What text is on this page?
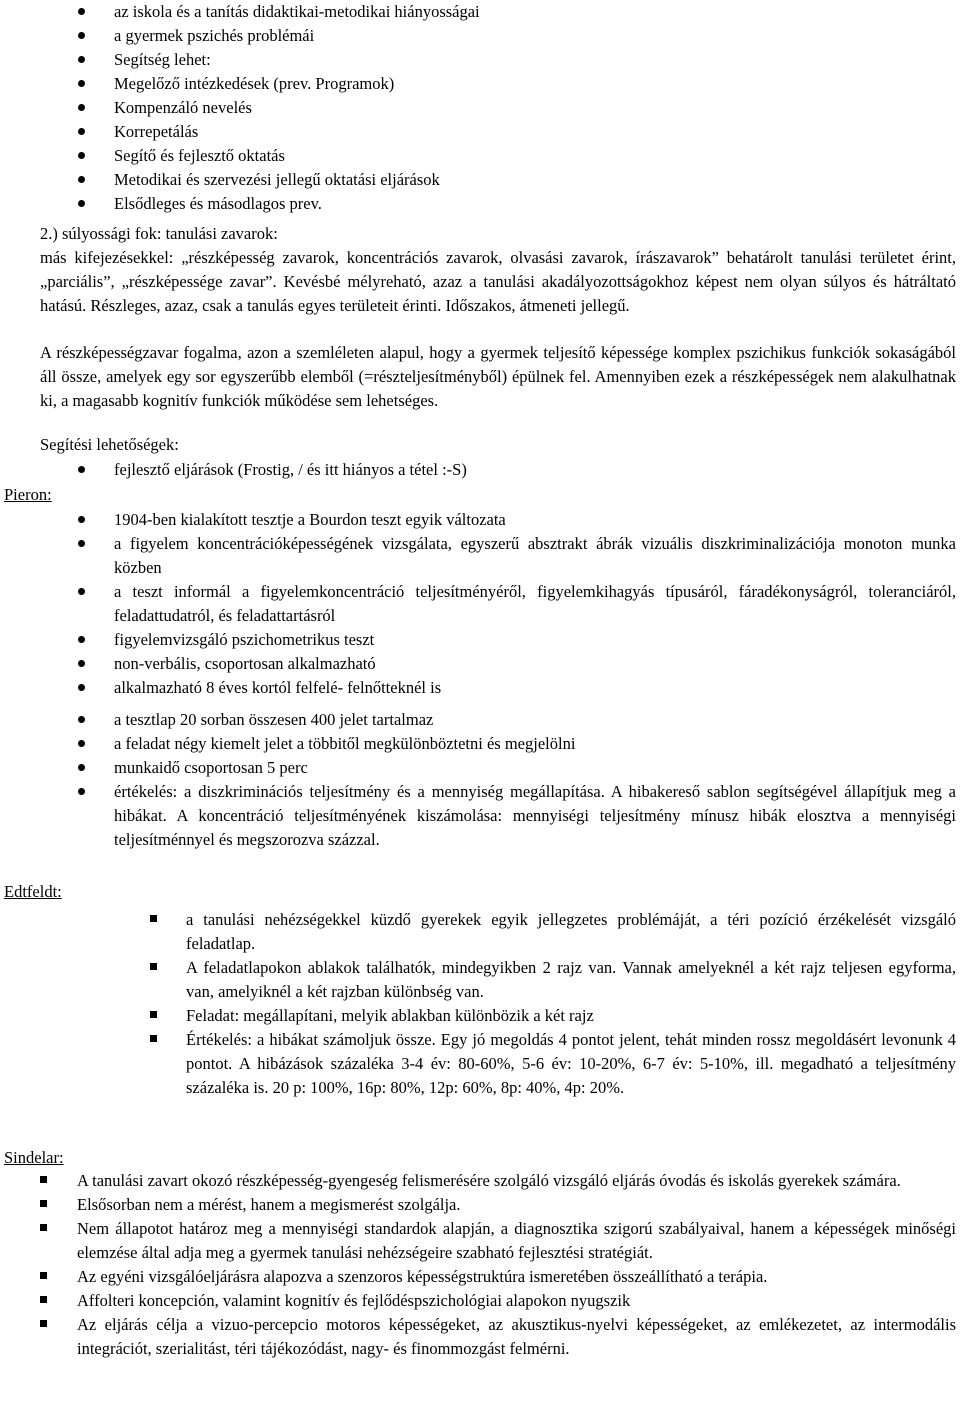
az iskola és a tanítás didaktikai-metodikai hiányosságai
a gyermek pszichés problémái
Segítség lehet:
Megelőző intézkedések (prev. Programok)
Kompenzáló nevelés
Korrepetálás
Segítő és fejlesztő oktatás
Metodikai és szervezési jellegű oktatási eljárások
Elsődleges és másodlagos prev.
2.) súlyossági fok: tanulási zavarok:
más kifejezésekkel: „részképesség zavarok, koncentrációs zavarok, olvasási zavarok, írászavarok” behatárolt tanulási területet érint, „parciális”, „részképessége zavar”. Kevésbé mélyreható, azaz a tanulási akadályozottságokhoz képest nem olyan súlyos és hátráltató hatású. Részleges, azaz, csak a tanulás egyes területeit érinti. Időszakos, átmeneti jellegű.
A részképességzavar fogalma, azon a szemléleten alapul, hogy a gyermek teljesítő képessége komplex pszichikus funkciók sokaságából áll össze, amelyek egy sor egyszerűbb elemből (=részteljesítményből) épülnek fel. Amennyiben ezek a részképességek nem alakulhatnak ki, a magasabb kognitív funkciók működése sem lehetséges.
Segítési lehetőségek:
fejlesztő eljárások (Frostig, / és itt hiányos a tétel :-S)
Pieron:
1904-ben kialakított tesztje a Bourdon teszt egyik változata
a figyelem koncentrációképességének vizsgálata, egyszerű absztrakt ábrák vizuális diszkriminalizációja monoton munka közben
a teszt informál a figyelemkoncentráció teljesítményéről, figyelemkihagyás típusáról, fáradékonyságról, toleranciáról, feladattudatról, és feladattartásról
figyelemvizsgáló pszichometrikus teszt
non-verbális, csoportosan alkalmazható
alkalmazható 8 éves kortól felfelé- felnőtteknél is
a tesztlap 20 sorban összesen 400 jelet tartalmaz
a feladat négy kiemelt jelet a többitől megkülönböztetni és megjelölni
munkaidő csoportosan 5 perc
értékelés: a diszkriminációs teljesítmény és a mennyiség megállapítása. A hibakereső sablon segítségével állapítjuk meg a hibákat. A koncentráció teljesítményének kiszámolása: mennyiségi teljesítmény mínusz hibák elosztva a mennyiségi teljesítménnyel és megszorozva százzal.
Edtfeldt:
a tanulási nehézségekkel küzdő gyerekek egyik jellegzetes problémáját, a téri pozíció érzékelését vizsgáló feladatlap.
A feladatlapokon ablakok találhatók, mindegyikben 2 rajz van. Vannak amelyeknél a két rajz teljesen egyforma, van, amelyiknél a két rajzban különbség van.
Feladat: megállapítani, melyik ablakban különbözik a két rajz
Értékelés: a hibákat számoljuk össze. Egy jó megoldás 4 pontot jelent, tehát minden rossz megoldásért levonunk 4 pontot. A hibázások százaléka 3-4 év: 80-60%, 5-6 év: 10-20%, 6-7 év: 5-10%, ill. megadható a teljesítmény százaléka is. 20 p: 100%, 16p: 80%, 12p: 60%, 8p: 40%, 4p: 20%.
Sindelar:
A tanulási zavart okozó részképesség-gyengeség felismerésére szolgáló vizsgáló eljárás óvodás és iskolás gyerekek számára.
Elsősorban nem a mérést, hanem a megismerést szolgálja.
Nem állapotot határoz meg a mennyiségi standardok alapján, a diagnosztika szigorú szabályaival, hanem a képességek minőségi elemzése által adja meg a gyermek tanulási nehézségeire szabható fejlesztési stratégiát.
Az egyéni vizsgálóeljárásra alapozva a szenzoros képességstruktúra ismeretében összeállítható a terápia.
Affolteri koncepción, valamint kognitív és fejlődéspszichológiai alapokon nyugszik
Az eljárás célja a vizuo-percepcio motoros képességeket, az akusztikus-nyelvi képességeket, az emlékezetet, az intermodális integrációt, szerialitást, téri tájékozódást, nagy- és finommozgást felmérni.
